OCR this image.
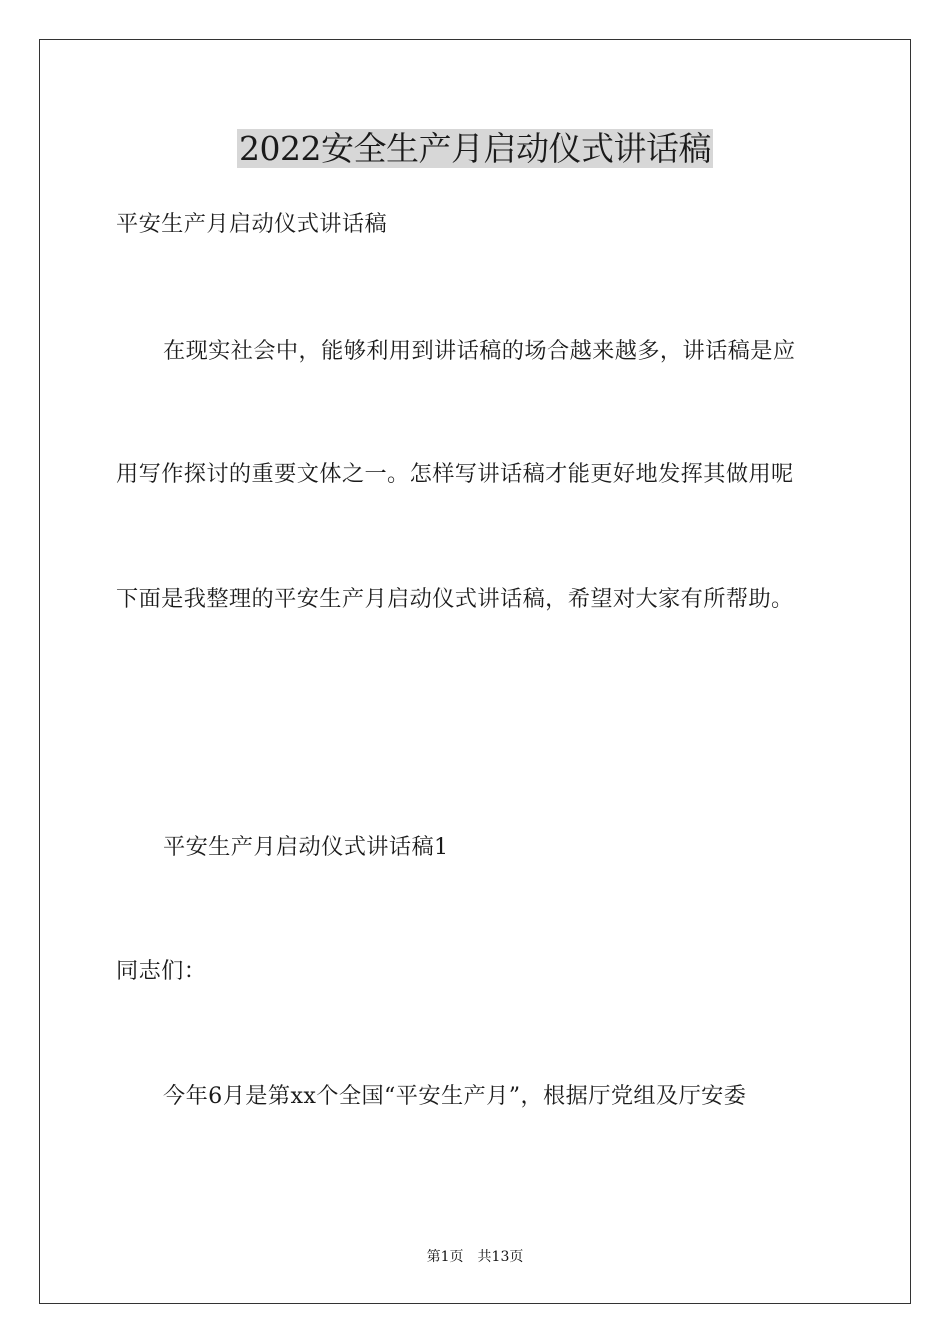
2022安全生产月启动仪式讲话稿
平安生产月启动仪式讲话稿
在现实社会中，能够利用到讲话稿的场合越来越多，讲话稿是应
用写作探讨的重要文体之一。怎样写讲话稿才能更好地发挥其做用呢
下面是我整理的平安生产月启动仪式讲话稿，希望对大家有所帮助。
平安生产月启动仪式讲话稿1
同志们：
今年6月是第xx个全国“平安生产月”，根据厅党组及厅安委
第1页 共13页
